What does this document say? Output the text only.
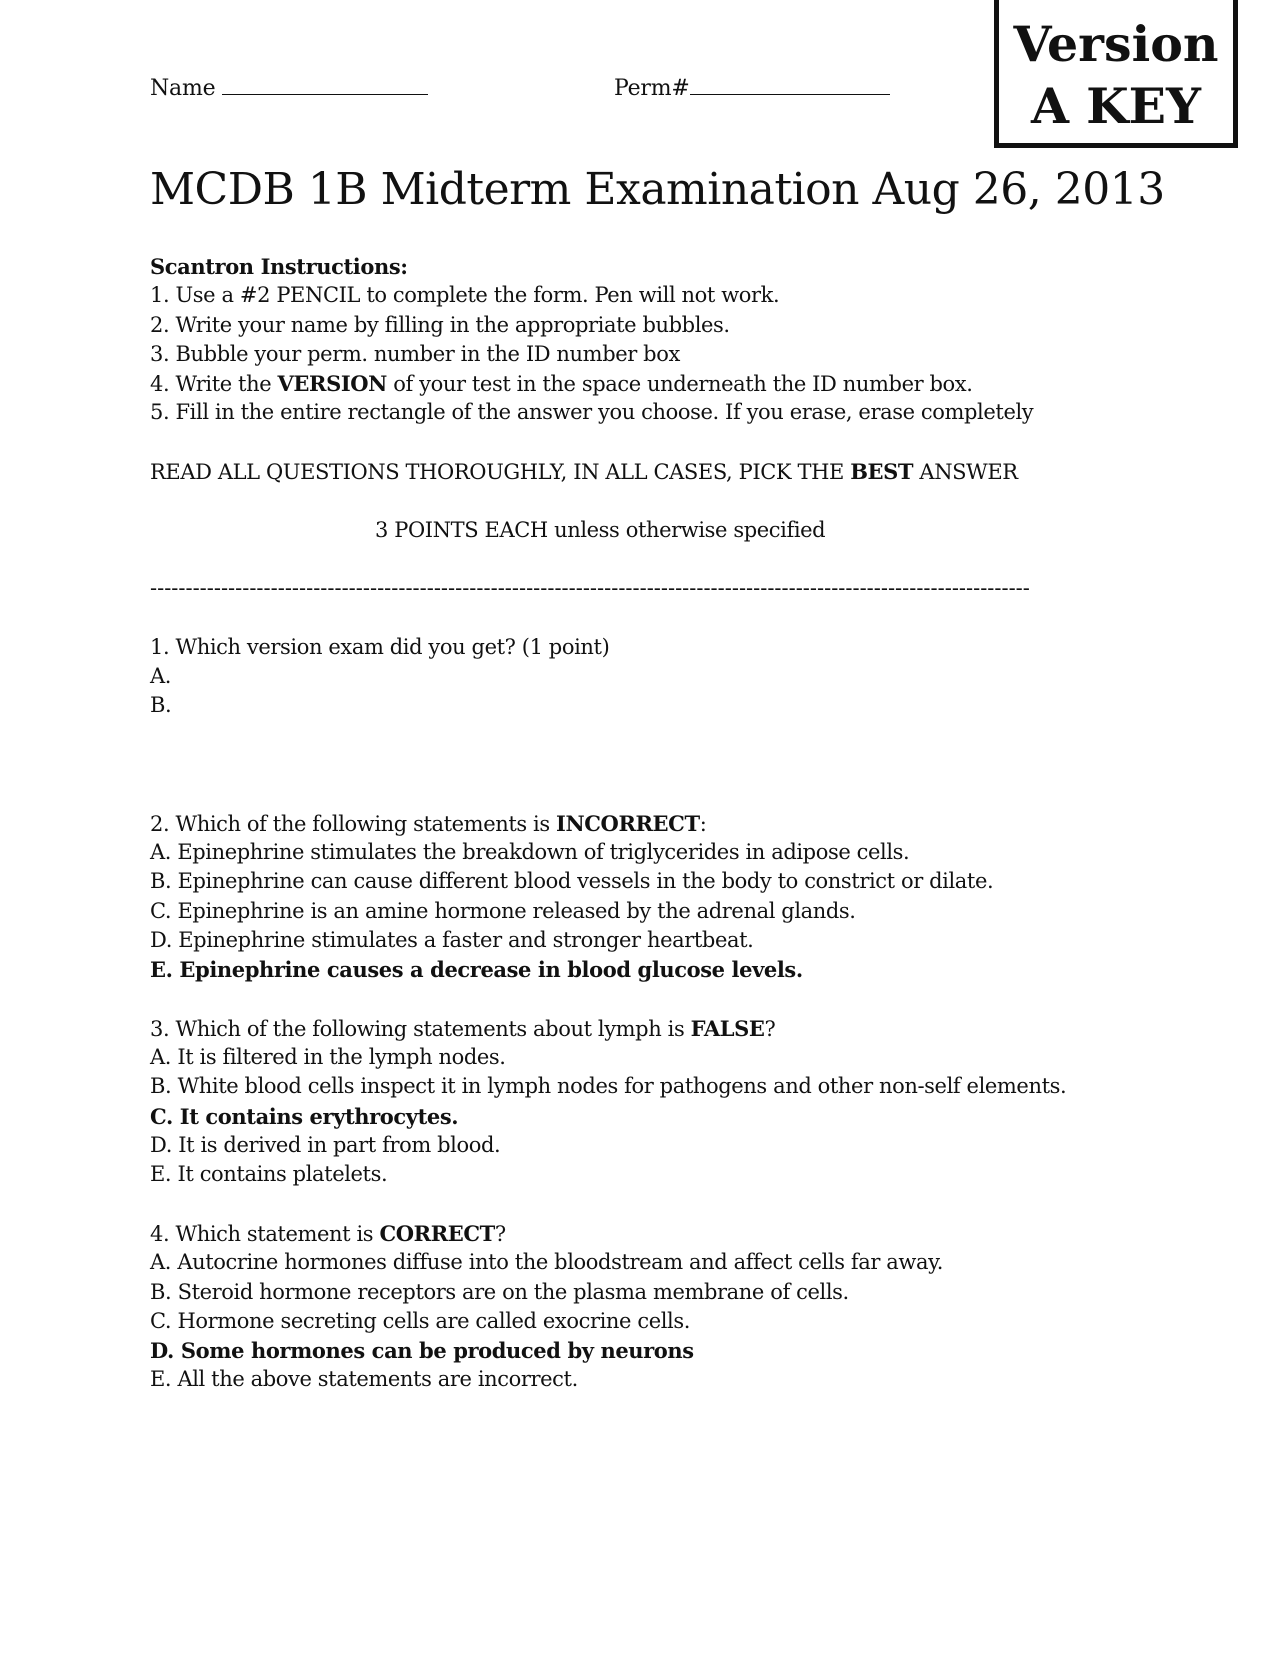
Version
A KEY
Name	Perm#
MCDB 1B Midterm Examination Aug 26, 2013
Scantron Instructions:
1. Use a #2 PENCIL to complete the form. Pen will not work.
2. Write your name by filling in the appropriate bubbles.
3. Bubble your perm. number in the ID number box
4. Write the VERSION of your test in the space underneath the ID number box.
5. Fill in the entire rectangle of the answer you choose. If you erase, erase completely
READ ALL QUESTIONS THOROUGHLY, IN ALL CASES, PICK THE BEST ANSWER
3 POINTS EACH unless otherwise specified
----------------------------------------------------------------------------------------------------------------------------
1. Which version exam did you get? (1 point)
A.
B.
2. Which of the following statements is INCORRECT:
A. Epinephrine stimulates the breakdown of triglycerides in adipose cells.
B. Epinephrine can cause different blood vessels in the body to constrict or dilate.
C. Epinephrine is an amine hormone released by the adrenal glands.
D. Epinephrine stimulates a faster and stronger heartbeat.
E. Epinephrine causes a decrease in blood glucose levels.
3. Which of the following statements about lymph is FALSE?
A. It is filtered in the lymph nodes.
B. White blood cells inspect it in lymph nodes for pathogens and other non-self elements.
C. It contains erythrocytes.
D. It is derived in part from blood.
E. It contains platelets.
4. Which statement is CORRECT?
A. Autocrine hormones diffuse into the bloodstream and affect cells far away.
B. Steroid hormone receptors are on the plasma membrane of cells.
C. Hormone secreting cells are called exocrine cells.
D. Some hormones can be produced by neurons
E. All the above statements are incorrect.
